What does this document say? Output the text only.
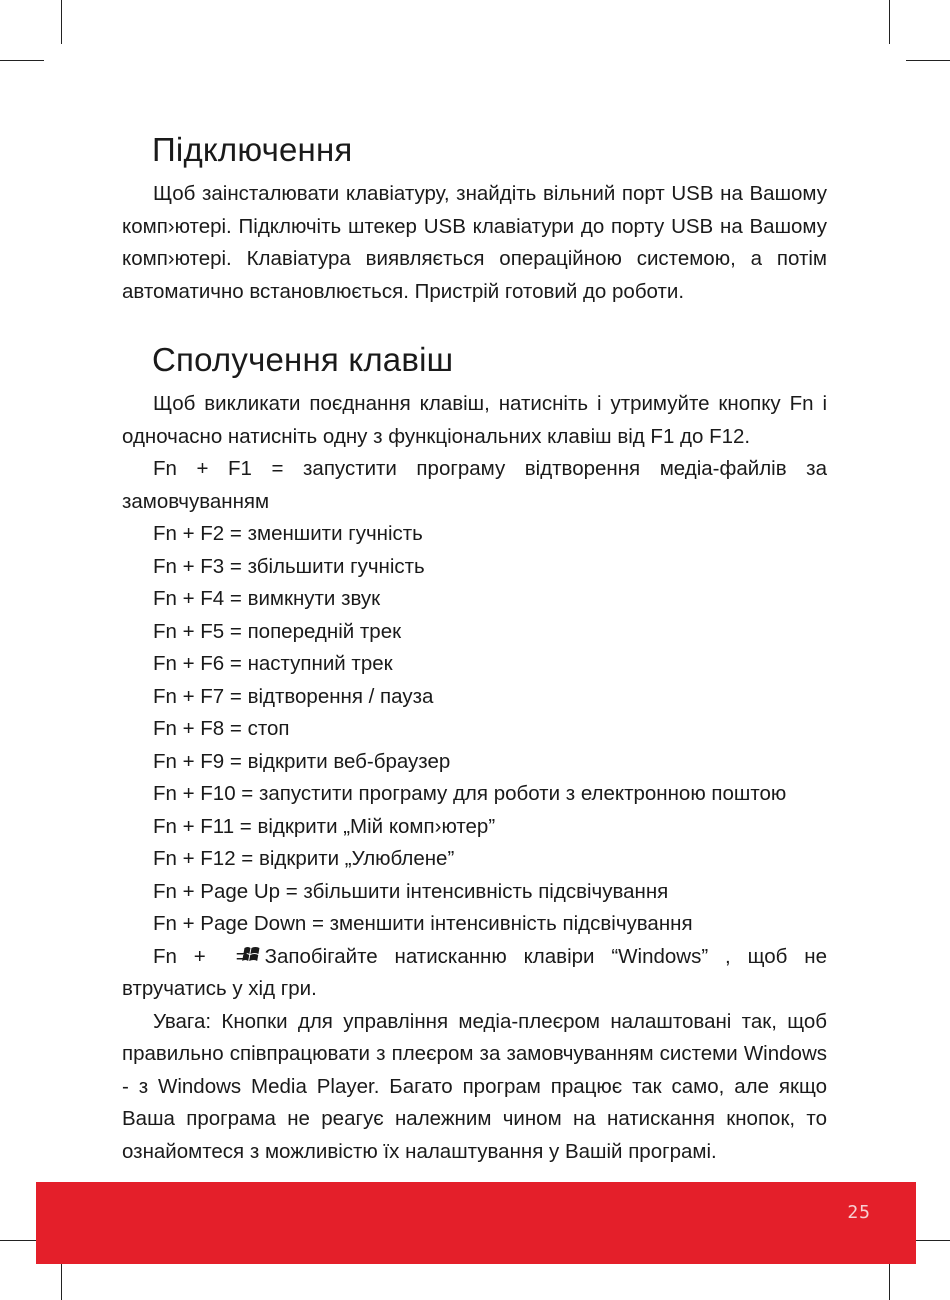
Підключення

Щоб заінсталювати клавіатуру, знайдіть вільний порт USB на Вашому комп›ютері. Підключіть штекер USB клавіатури до порту USB на Вашому комп›ютері. Клавіатура виявляється операційною системою, а потім автоматично встановлюється. Пристрій готовий до роботи.

Сполучення клавіш

Щоб викликати поєднання клавіш, натисніть і утримуйте кнопку Fn і одночасно натисніть одну з функціональних клавіш від F1 до F12.

Fn + F1 = запустити програму відтворення медіа-файлів за замовчуванням

Fn + F2 = зменшити гучність

Fn + F3 = збільшити гучність

Fn + F4 = вимкнути звук

Fn + F5 = попередній трек

Fn + F6 = наступний трек

Fn + F7 = відтворення / пауза

Fn + F8 = стоп

Fn + F9 = відкрити веб-браузер

Fn + F10 = запустити програму для роботи з електронною поштою

Fn + F11 = відкрити „Мій комп›ютер”

Fn + F12 = відкрити „Улюблене”

Fn + Page Up = збільшити інтенсивність підсвічування

Fn + Page Down = зменшити інтенсивність підсвічування

Fn + = Запобігайте натисканню клавіри “Windows” , щоб не втручатись у хід гри.

Увага: Кнопки для управління медіа-плеєром налаштовані так, щоб правильно співпрацювати з плеєром за замовчуванням системи Windows - з Windows Media Player. Багато програм працює так само, але якщо Ваша програма не реагує належним чином на натискання кнопок, то ознайомтеся з можливістю їх налаштування у Вашій програмі.

25
